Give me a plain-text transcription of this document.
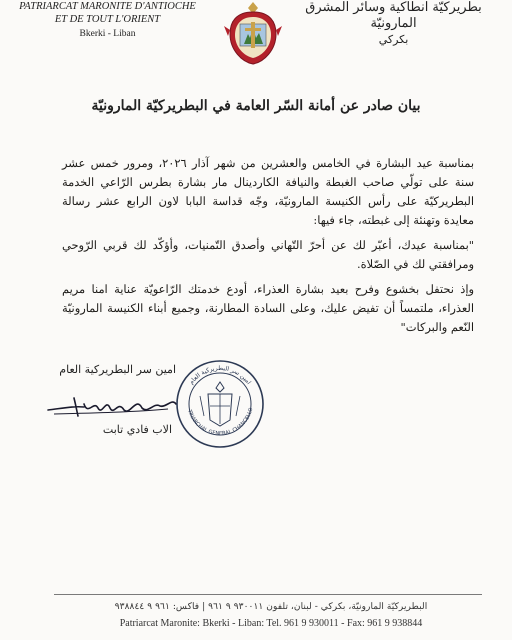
PATRIARCAT MARONITE D'ANTIOCHE
ET DE TOUT L'ORIENT
Bkerki - Liban
بطريركيّة انطاكية وسائر المشرق المارونيّة
بكركي
بيان صادر عن أمانة السّر العامة في البطريركيّة المارونيّة

بمناسبة عيد البشارة في الخامس والعشرين من شهر آذار ٢٠٢٦، ومرور خمس عشر سنة على تولّي صاحب الغبطة والنيافة الكاردينال مار بشارة بطرس الرّاعي الخدمة البطريركيّة على رأس الكنيسة المارونيّة، وجّه قداسة البابا لاون الرابع عشر رسالة معايدة وتهنئة إلى غبطته، جاء فيها:

"بمناسبة عيدك، أعبّر لك عن أحرّ التّهاني وأصدق التّمنيات، وأؤكّد لك قربي الرّوحي ومرافقتي لك في الصّلاة.

وإذ نحتفل بخشوع وفرح بعيد بشارة العذراء، أودع خدمتك الرّاعويّة عناية امنا مريم العذراء، ملتمساً أن تفيض عليك، وعلى السادة المطارنة، وجميع أبناء الكنيسة المارونيّة النّعم والبركات"

امين سر البطريركية العام
امين سر البطريركية العام
TRIARCHAL GENERAL CHANCELLO
الاب فادي تابت
البطريركيّة المارونيّة، بكركي - لبنان، تلفون ٩٣٠٠١١ ٩ ٩٦١ | فاكس: ٩٦١ ٩ ٩٣٨٨٤٤
Patriarcat Maronite: Bkerki - Liban: Tel. 961 9 930011 - Fax: 961 9 938844
